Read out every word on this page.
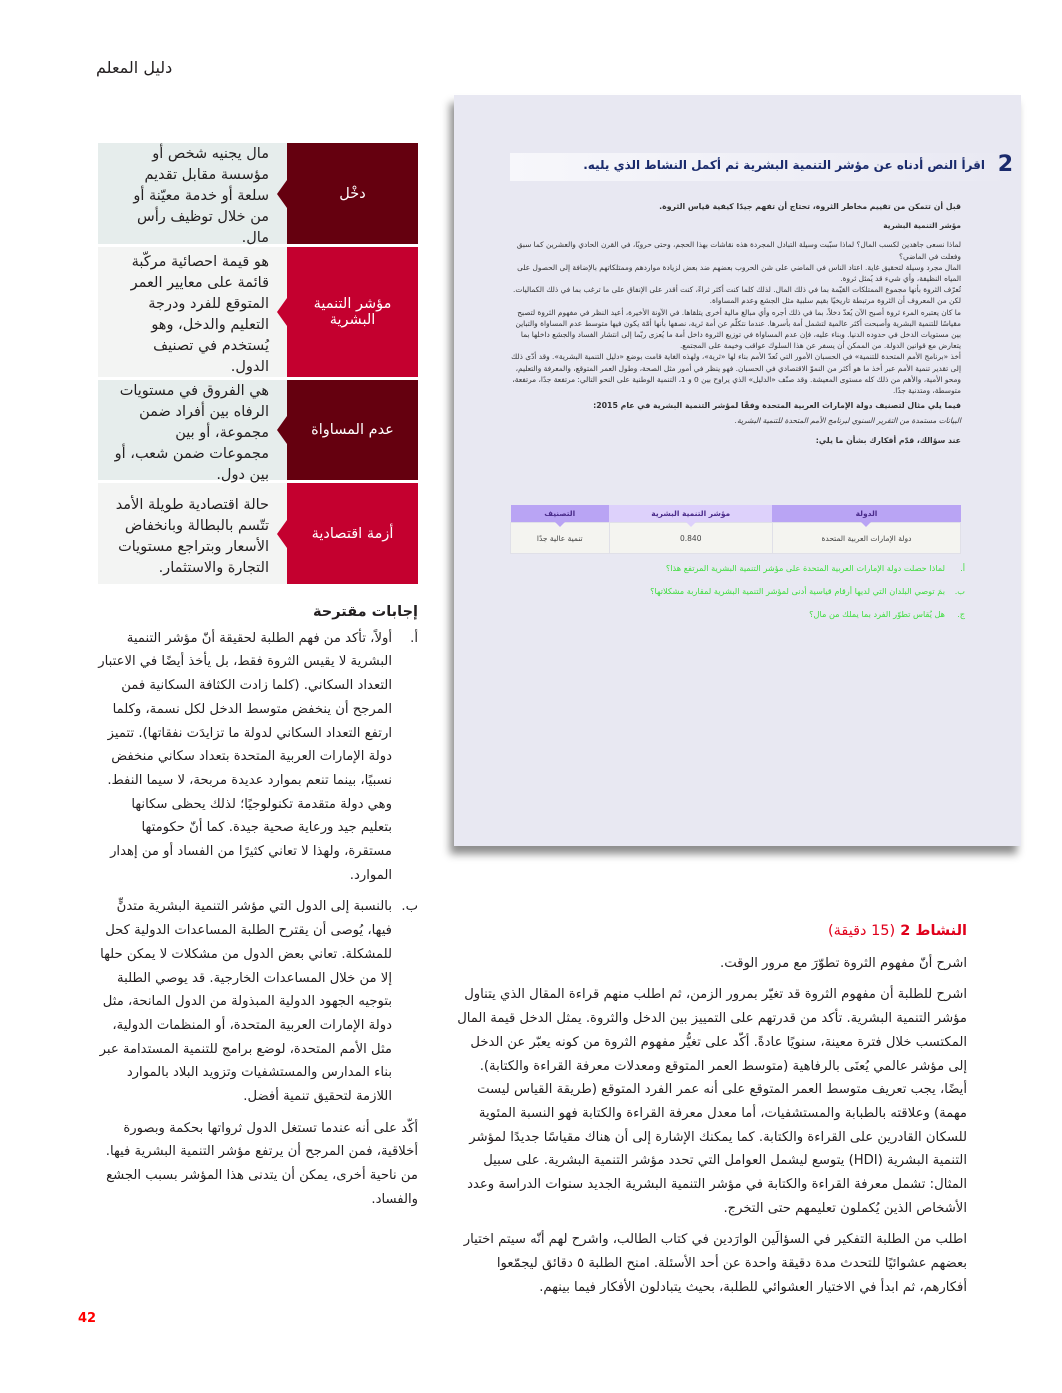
دليل المعلم
دخْل
مال يجنيه شخص أو مؤسسة مقابل تقديم سلعة أو خدمة معيّنة أو من خلال توظيف رأس مال.
مؤشر التنمية البشرية
هو قيمة احصائية مركّبة قائمة على معايير العمر المتوقع للفرد ودرجة التعليم والدخل، وهو يُستخدم في تصنيف الدول.
عدم المساواة
هي الفروق في مستويات الرفاه بين أفراد ضمن مجموعة، أو بين مجموعات ضمن شعب، أو بين دول.
أزمة اقتصادية
حالة اقتصادية طويلة الأمد تتّسم بالبطالة وبانخفاض الأسعار وبتراجع مستويات التجارة والاستثمار.
إجابات مقترحة
أ.
أولاً، تأكد من فهم الطلبة لحقيقة أنّ مؤشر التنمية البشرية لا يقيس الثروة فقط، بل يأخذ أيضًا في الاعتبار التعداد السكاني. (كلما زادت الكثافة السكانية فمن المرجح أن ينخفض متوسط الدخل لكل نسمة، وكلما ارتفع التعداد السكاني لدولة ما تزايدَت نفقاتها). تتميز دولة الإمارات العربية المتحدة بتعداد سكاني منخفض نسبيًا، بينما تنعم بموارد عديدة مربحة، لا سيما النفط. وهي دولة متقدمة تكنولوجيًا؛ لذلك يحظى سكانها بتعليم جيد ورعاية صحية جيدة. كما أنّ حكومتها مستقرة، ولهذا لا تعاني كثيرًا من الفساد أو من إهدار الموارد.
ب.
بالنسبة إلى الدول التي مؤشر التنمية البشرية متدنٍّ فيها، يُوصى أن يقترح الطلبة المساعدات الدولية كحل للمشكلة. تعاني بعض الدول من مشكلات لا يمكن حلها إلا من خلال المساعدات الخارجية. قد يوصي الطلبة بتوجيه الجهود الدولية المبذولة من الدول المانحة، مثل دولة الإمارات العربية المتحدة، أو المنظمات الدولية، مثل الأمم المتحدة، لوضع برامج للتنمية المستدامة عبر بناء المدارس والمستشفيات وتزويد البلاد بالموارد اللازمة لتحقيق تنمية أفضل.
أكّد على أنه عندما تستغل الدول ثرواتها بحكمة وبصورة أخلاقية، فمن المرجح أن يرتفع مؤشر التنمية البشرية فيها. من ناحية أخرى، يمكن أن يتدنى هذا المؤشر بسبب الجشع والفساد.
2
اقرأ النص أدناه عن مؤشر التنمية البشرية ثم أكمل النشاط الذي يليه.

قبل أن تتمكن من تقييم مخاطر الثروة، تحتاج أن تفهم جيدًا كيفية قياس الثروة.

مؤشر التنمية البشرية

لماذا نسعى جاهدين لكسب المال؟ لماذا سبّبت وسيلة التبادل المجردة هذه نقاشات بهذا الحجم، وحتى حروبًا، في القرن الحادي والعشرين كما سبق وفعلت في الماضي؟

المال مجرد وسيلة لتحقيق غاية. اعتاد الناس في الماضي على شن الحروب بعضهم ضد بعض لزيادة مواردهم وممتلكاتهم بالإضافة إلى الحصول على المياه النظيفة، وأي شيء قد يُمثل ثروة.

تُعرّف الثروة بأنها مجموع الممتلكات القيّمة بما في ذلك المال. لذلك كلما كنت أكثر ثراءً، كنت أقدر على الإنفاق على ما ترغب بما في ذلك الكماليات. لكن من المعروف أن الثروة مرتبطة تاريخيًا بقيم سلبية مثل الجشع وعدم المساواة.

ما كان يعتبره المرء ثروة أصبح الآن يُعدّ دخلاً، بما في ذلك أجره وأي مبالغ مالية أخرى يتلقاها. في الآونة الأخيرة، أعيد النظر في مفهوم الثروة لتصبح مقياسًا للتنمية البشرية وأصبحت أكثر عالمية لتشمل أمة بأسرها. عندما نتكلّم عن أمة ثرية، نصفها بأنها أمّة يكون فيها متوسط عدم المساواة والتباين بين مستويات الدخل في حدوده الدنيا. وبناء عليه، فإن عدم المساواة في توزيع الثروة داخل أمة ما يُعزى ربّما إلى انتشار الفساد والجشع داخلها بما يتعارض مع قوانين الدولة. من الممكن أن يسفر عن هذا السلوك عواقب وخيمة على المجتمع.

أخذ «برنامج الأمم المتحدة للتنمية» في الحسبان الأمور التي تُعدّ الأمم بناء لها «ثرية»، ولهذه الغاية قامت بوضع «دليل التنمية البشرية». وقد أدّى ذلك إلى تقدير تنمية الأمم عبر أخذ ما هو أكثر من النموّ الاقتصادي في الحسبان. فهو ينظر في أمور مثل الصحة، وطول العمر المتوقع، والمعرفة والتعليم، ومحو الأمية، والأهم من ذلك كله مستوى المعيشة. وقد صنّف «الدليل» الذي يراوح بين 0 و 1، التنمية الوطنية على النحو التالي: مرتفعة جدًا، مرتفعة، متوسطة، ومتدنية جدًا.

فيما يلي مثال لتصنيف دولة الإمارات العربية المتحدة وفقًا لمؤشر التنمية البشرية في عام 2015:

البيانات مستمدة من التقرير السنوي لبرنامج الأمم المتحدة للتنمية البشرية.

عند سؤالك، قدّم أفكارك بشأن ما يلي:

الدولة	مؤشر التنمية البشرية	التصنيف
دولة الإمارات العربية المتحدة	0.840	تنمية عالية جدًا
أ.
لماذا حصلت دولة الإمارات العربية المتحدة على مؤشر التنمية البشرية المرتفع هذا؟
ب.
بمَ توصي البلدان التي لديها أرقام قياسية أدنى لمؤشر التنمية البشرية لمقاربة مشكلاتها؟
ج.
هل يُقاس تطوّر الفرد بما يملك من مال؟
النشاط 2 (15 دقيقة)

اشرح أنّ مفهوم الثروة تطوّرَ مع مرور الوقت.

اشرح للطلبة أن مفهوم الثروة قد تغيّر بمرور الزمن، ثم اطلب منهم قراءة المقال الذي يتناول مؤشر التنمية البشرية. تأكد من قدرتهم على التمييز بين الدخل والثروة. يمثل الدخل قيمة المال المكتسب خلال فترة معينة، سنويًا عادةً. أكّد على تغيُّر مفهوم الثروة من كونه يعبّر عن الدخل إلى مؤشر عالمي يُعنَى بالرفاهية (متوسط العمر المتوقع ومعدلات معرفة القراءة والكتابة). أيضًا، يجب تعريف متوسط العمر المتوقع على أنه عمر الفرد المتوقع (طريقة القياس ليست مهمة) وعلاقته بالطبابة والمستشفيات، أما معدل معرفة القراءة والكتابة فهو النسبة المئوية للسكان القادرين على القراءة والكتابة. كما يمكنك الإشارة إلى أن هناك مقياسًا جديدًا لمؤشر التنمية البشرية (HDI) يتوسع ليشمل العوامل التي تحدد مؤشر التنمية البشرية. على سبيل المثال: تشمل معرفة القراءة والكتابة في مؤشر التنمية البشرية الجديد سنوات الدراسة وعدد الأشخاص الذين يُكملون تعليمهم حتى التخرج.

اطلب من الطلبة التفكير في السؤالَين الوارَدين في كتاب الطالب، واشرح لهم أنّه سيتم اختيار بعضهم عشوائيًا للتحدث مدة دقيقة واحدة عن أحد الأسئلة. امنح الطلبة ٥ دقائق ليجمّعوا أفكارهم، ثم ابدأ في الاختيار العشوائي للطلبة، بحيث يتبادلون الأفكار فيما بينهم.

42
